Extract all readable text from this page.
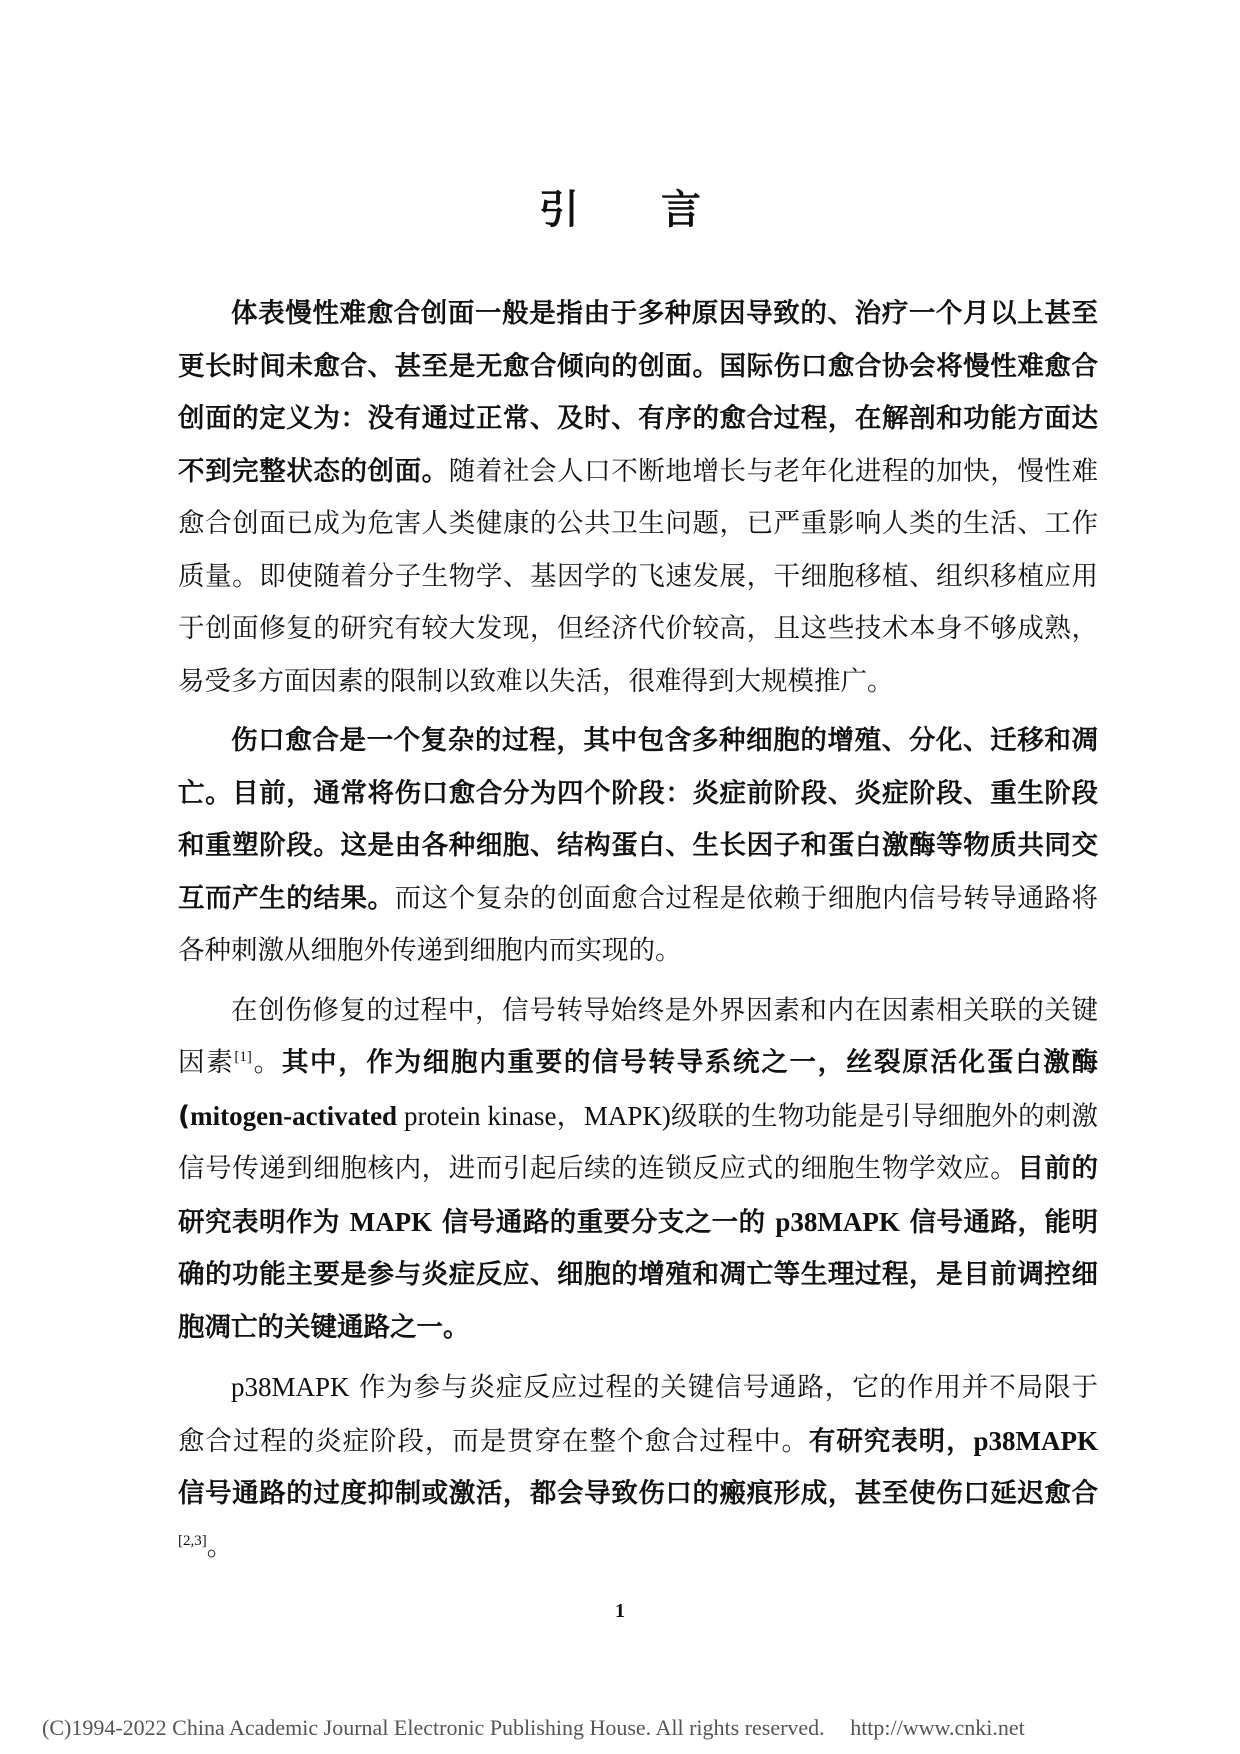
引 言

体表慢性难愈合创面一般是指由于多种原因导致的、治疗一个月以上甚至更长时间未愈合、甚至是无愈合倾向的创面。国际伤口愈合协会将慢性难愈合创面的定义为：没有通过正常、及时、有序的愈合过程，在解剖和功能方面达不到完整状态的创面。随着社会人口不断地增长与老年化进程的加快，慢性难愈合创面已成为危害人类健康的公共卫生问题，已严重影响人类的生活、工作质量。即使随着分子生物学、基因学的飞速发展，干细胞移植、组织移植应用于创面修复的研究有较大发现，但经济代价较高，且这些技术本身不够成熟，易受多方面因素的限制以致难以失活，很难得到大规模推广。

伤口愈合是一个复杂的过程，其中包含多种细胞的增殖、分化、迁移和凋亡。目前，通常将伤口愈合分为四个阶段：炎症前阶段、炎症阶段、重生阶段和重塑阶段。这是由各种细胞、结构蛋白、生长因子和蛋白激酶等物质共同交互而产生的结果。而这个复杂的创面愈合过程是依赖于细胞内信号转导通路将各种刺激从细胞外传递到细胞内而实现的。

在创伤修复的过程中，信号转导始终是外界因素和内在因素相关联的关键因素[1]。其中，作为细胞内重要的信号转导系统之一，丝裂原活化蛋白激酶(mitogen-activated protein kinase，MAPK)级联的生物功能是引导细胞外的刺激信号传递到细胞核内，进而引起后续的连锁反应式的细胞生物学效应。目前的研究表明作为 MAPK 信号通路的重要分支之一的 p38MAPK 信号通路，能明确的功能主要是参与炎症反应、细胞的增殖和凋亡等生理过程，是目前调控细胞凋亡的关键通路之一。

p38MAPK 作为参与炎症反应过程的关键信号通路，它的作用并不局限于愈合过程的炎症阶段，而是贯穿在整个愈合过程中。有研究表明，p38MAPK 信号通路的过度抑制或激活，都会导致伤口的瘢痕形成，甚至使伤口延迟愈合[2,3]。

1
(C)1994-2022 China Academic Journal Electronic Publishing House. All rights reserved. http://www.cnki.net
